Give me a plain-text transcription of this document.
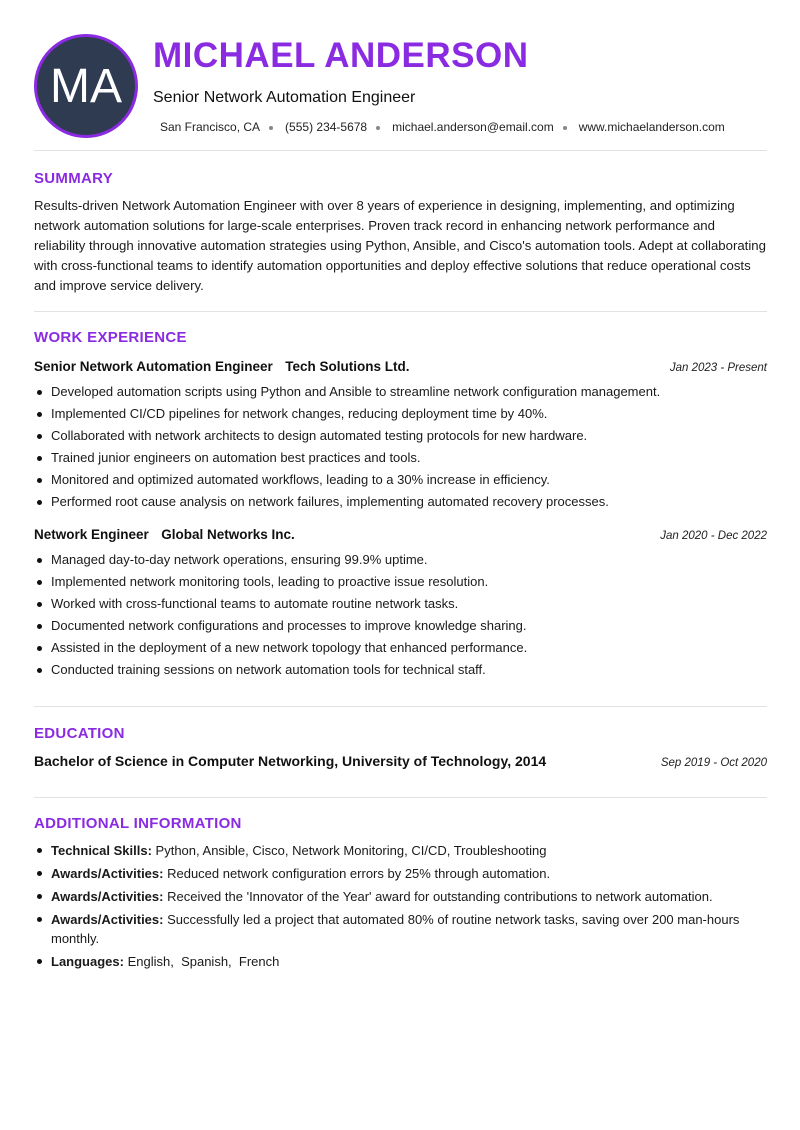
MA
MICHAEL ANDERSON

Senior Network Automation Engineer

San Francisco, CA (555) 234-5678 michael.anderson@email.com www.michaelanderson.com
SUMMARY

Results-driven Network Automation Engineer with over 8 years of experience in designing, implementing, and optimizing network automation solutions for large-scale enterprises. Proven track record in enhancing network performance and reliability through innovative automation strategies using Python, Ansible, and Cisco's automation tools. Adept at collaborating with cross-functional teams to identify automation opportunities and deploy effective solutions that reduce operational costs and improve service delivery.

WORK EXPERIENCE
Senior Network Automation Engineer Tech Solutions Ltd.	Jan 2023 - Present
Developed automation scripts using Python and Ansible to streamline network configuration management.
Implemented CI/CD pipelines for network changes, reducing deployment time by 40%.
Collaborated with network architects to design automated testing protocols for new hardware.
Trained junior engineers on automation best practices and tools.
Monitored and optimized automated workflows, leading to a 30% increase in efficiency.
Performed root cause analysis on network failures, implementing automated recovery processes.
Network Engineer Global Networks Inc.	Jan 2020 - Dec 2022
Managed day-to-day network operations, ensuring 99.9% uptime.
Implemented network monitoring tools, leading to proactive issue resolution.
Worked with cross-functional teams to automate routine network tasks.
Documented network configurations and processes to improve knowledge sharing.
Assisted in the deployment of a new network topology that enhanced performance.
Conducted training sessions on network automation tools for technical staff.
EDUCATION
Bachelor of Science in Computer Networking, University of Technology, 2014	Sep 2019 - Oct 2020
ADDITIONAL INFORMATION
Technical Skills: Python, Ansible, Cisco, Network Monitoring, CI/CD, Troubleshooting
Awards/Activities: Reduced network configuration errors by 25% through automation.
Awards/Activities: Received the 'Innovator of the Year' award for outstanding contributions to network automation.
Awards/Activities: Successfully led a project that automated 80% of routine network tasks, saving over 200 man-hours monthly.
Languages: English,  Spanish,  French
